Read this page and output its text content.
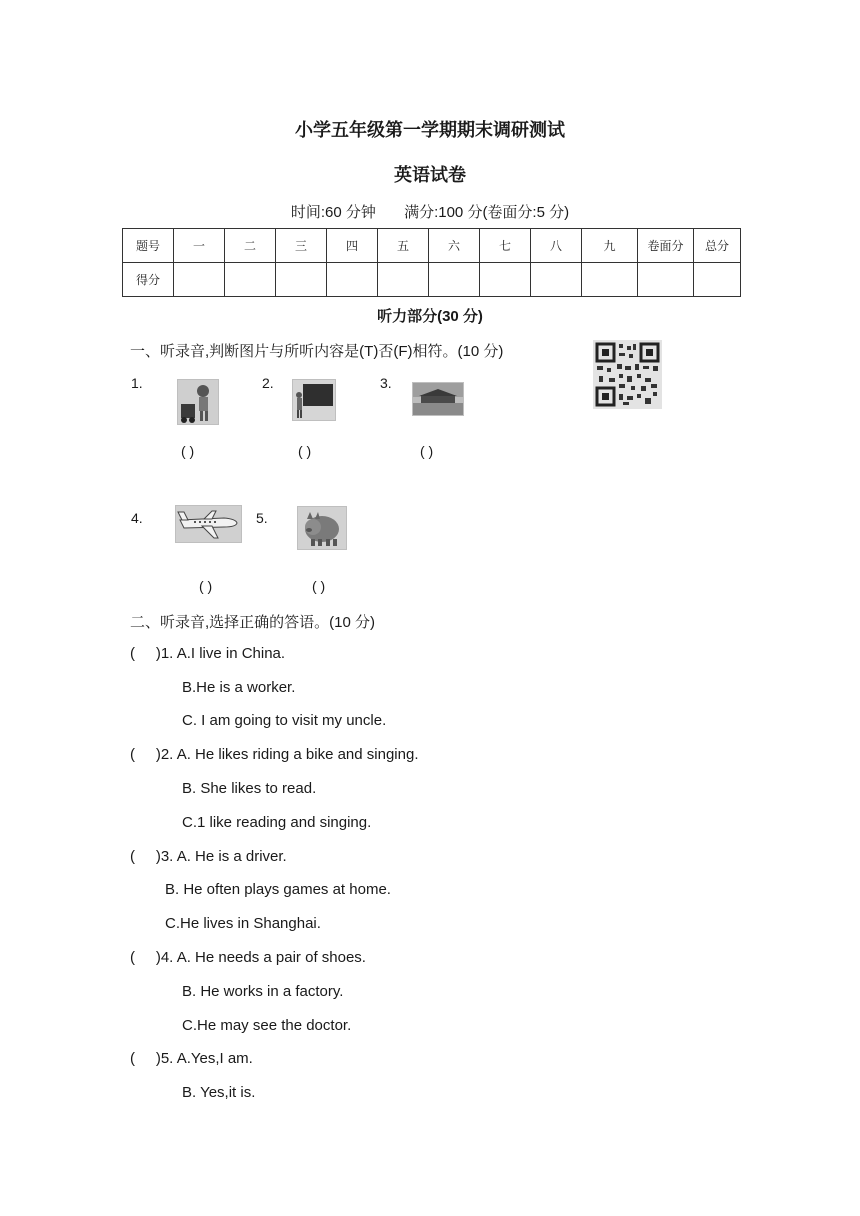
小学五年级第一学期期末调研测试
英语试卷
时间:60 分钟 满分:100 分(卷面分:5 分)
题号	一	二	三	四	五	六	七	八	九	卷面分	总分
得分											
听力部分(30 分)
一、听录音,判断图片与所听内容是(T)否(F)相符。(10 分)
1.
( )
2.
( )
3.
( )
4.
( )
5.
( )
二、听录音,选择正确的答语。(10 分)
(     )1. A.I live in China.
B.He is a worker.
C. I am going to visit my uncle.
(     )2. A. He likes riding a bike and singing.
B. She likes to read.
C.1 like reading and singing.
(     )3. A. He is a driver.
B. He often plays games at home.
C.He lives in Shanghai.
(     )4. A. He needs a pair of shoes.
B. He works in a factory.
C.He may see the doctor.
(     )5. A.Yes,I am.
B. Yes,it is.
